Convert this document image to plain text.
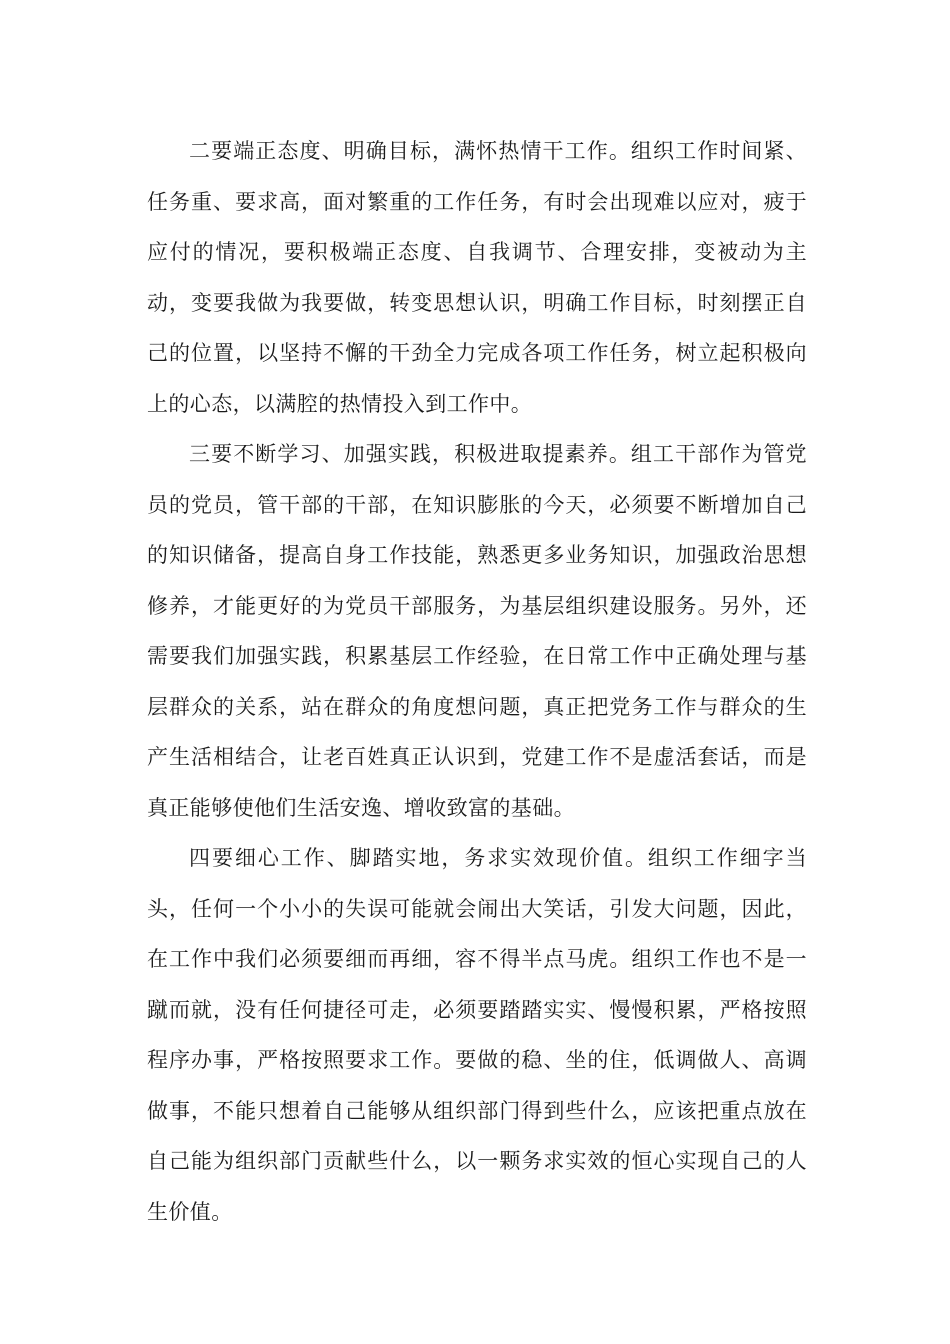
二要端正态度、明确目标，满怀热情干工作。组织工作时间紧、任务重、要求高，面对繁重的工作任务，有时会出现难以应对，疲于应付的情况，要积极端正态度、自我调节、合理安排，变被动为主动，变要我做为我要做，转变思想认识，明确工作目标，时刻摆正自己的位置，以坚持不懈的干劲全力完成各项工作任务，树立起积极向上的心态，以满腔的热情投入到工作中。

三要不断学习、加强实践，积极进取提素养。组工干部作为管党员的党员，管干部的干部，在知识膨胀的今天，必须要不断增加自己的知识储备，提高自身工作技能，熟悉更多业务知识，加强政治思想修养，才能更好的为党员干部服务，为基层组织建设服务。另外，还需要我们加强实践，积累基层工作经验，在日常工作中正确处理与基层群众的关系，站在群众的角度想问题，真正把党务工作与群众的生产生活相结合，让老百姓真正认识到，党建工作不是虚活套话，而是真正能够使他们生活安逸、增收致富的基础。

四要细心工作、脚踏实地，务求实效现价值。组织工作细字当头，任何一个小小的失误可能就会闹出大笑话，引发大问题，因此，在工作中我们必须要细而再细，容不得半点马虎。组织工作也不是一蹴而就，没有任何捷径可走，必须要踏踏实实、慢慢积累，严格按照程序办事，严格按照要求工作。要做的稳、坐的住，低调做人、高调做事，不能只想着自己能够从组织部门得到些什么，应该把重点放在自己能为组织部门贡献些什么，以一颗务求实效的恒心实现自己的人生价值。
